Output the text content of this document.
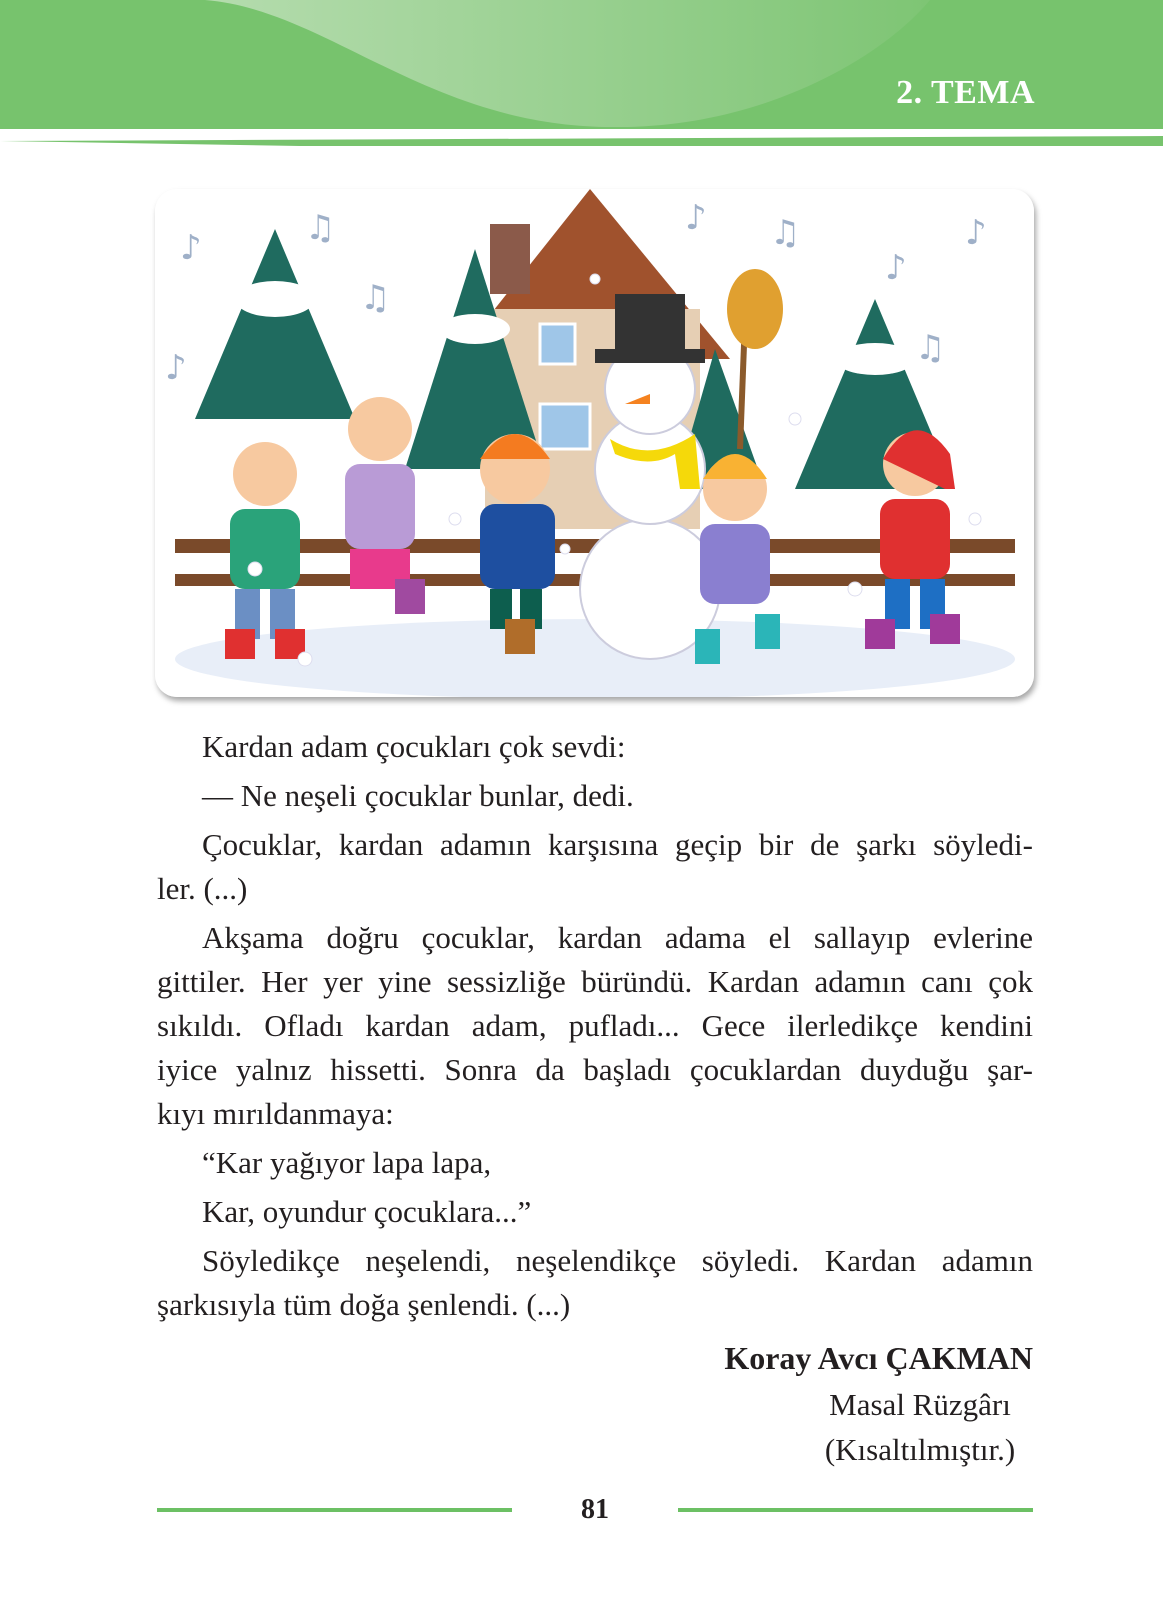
2. TEMA
♪	♫
♫
♪
♪ ♫
♪
♫
♪
Kardan adam çocukları çok sevdi:
— Ne neşeli çocuklar bunlar, dedi.
Çocuklar, kardan adamın karşısına geçip bir de şarkı söyledi-
ler. (...)
Akşama doğru çocuklar, kardan adama el sallayıp evlerine
gittiler. Her yer yine sessizliğe büründü. Kardan adamın canı çok
sıkıldı. Ofladı kardan adam, pufladı... Gece ilerledikçe kendini
iyice yalnız hissetti. Sonra da başladı çocuklardan duyduğu şar-
kıyı mırıldanmaya:
“Kar yağıyor lapa lapa,
Kar, oyundur çocuklara...”
Söyledikçe neşelendi, neşelendikçe söyledi. Kardan adamın
şarkısıyla tüm doğa şenlendi. (...)
Koray Avcı ÇAKMAN
Masal Rüzgârı
(Kısaltılmıştır.)
81
